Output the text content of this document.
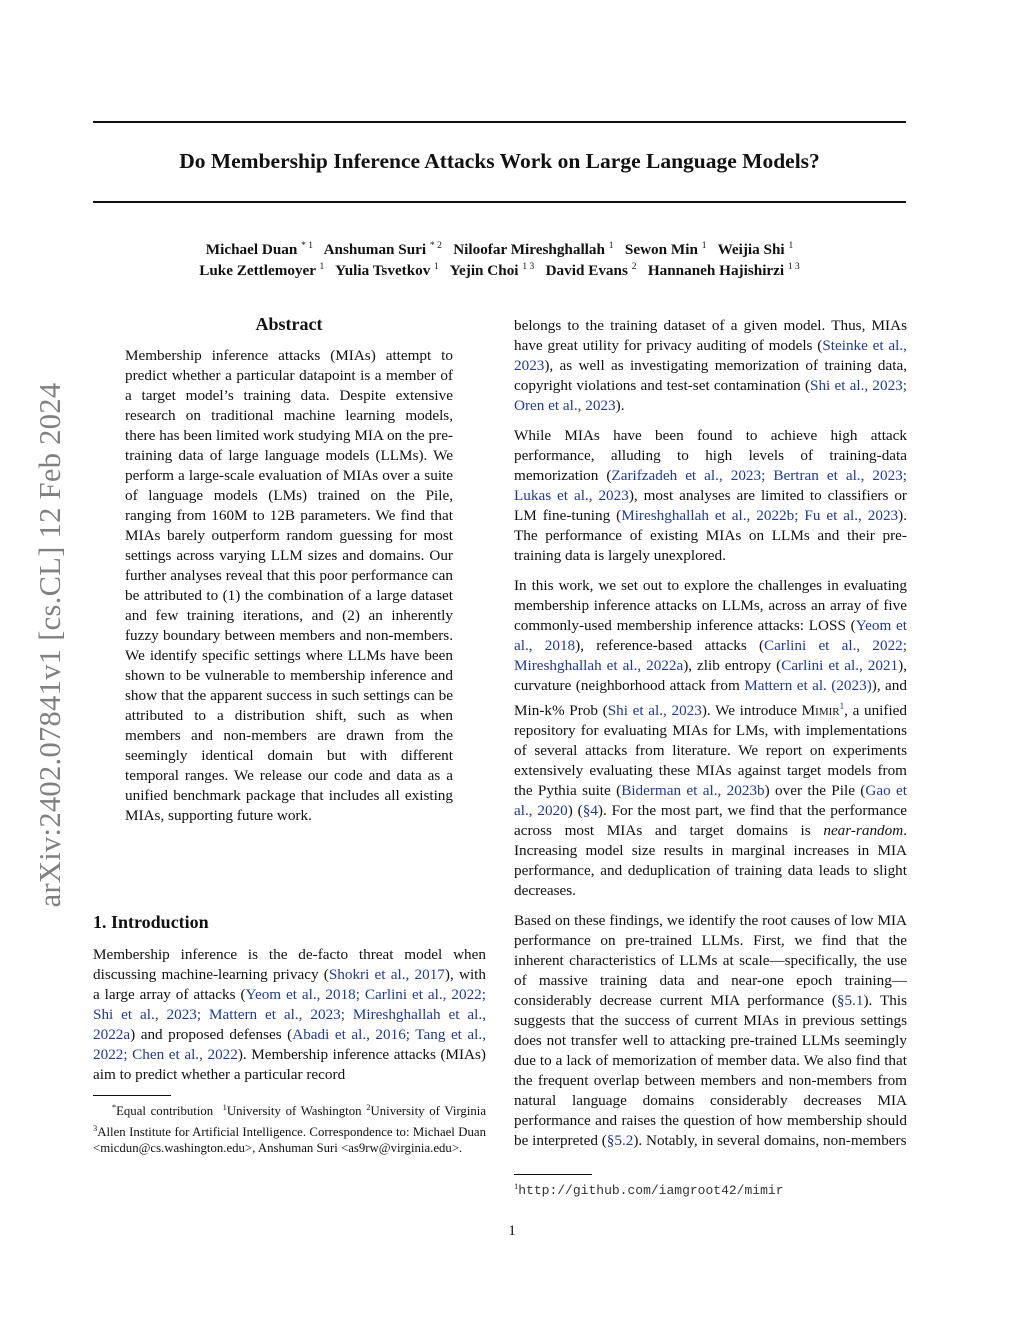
Do Membership Inference Attacks Work on Large Language Models?
Michael Duan $^{* 1}$ Anshuman Suri $^{* 2}$ Niloofar Mireshghallah $^1$ Sewon Min $^1$ Weijia Shi $^1$
Luke Zettlemoyer $^1$ Yulia Tsvetkov $^1$ Yejin Choi $^{1 3}$ David Evans $^2$ Hannaneh Hajishirzi $^{1 3}$
arXiv:2402.07841v1 [cs.CL] 12 Feb 2024
Abstract
Membership inference attacks (MIAs) attempt to predict whether a particular datapoint is a member of a target model’s training data. Despite extensive research on traditional machine learning models, there has been limited work studying MIA on the pre-training data of large language models (LLMs). We perform a large-scale evaluation of MIAs over a suite of language models (LMs) trained on the Pile, ranging from 160M to 12B parameters. We find that MIAs barely outperform random guessing for most settings across varying LLM sizes and domains. Our further analyses reveal that this poor performance can be attributed to (1) the combination of a large dataset and few training iterations, and (2) an inherently fuzzy boundary between members and non-members. We identify specific settings where LLMs have been shown to be vulnerable to membership inference and show that the apparent success in such settings can be attributed to a distribution shift, such as when members and non-members are drawn from the seemingly identical domain but with different temporal ranges. We release our code and data as a unified benchmark package that includes all existing MIAs, supporting future work.
1. Introduction
Membership inference is the de-facto threat model when discussing machine-learning privacy (Shokri et al., 2017), with a large array of attacks (Yeom et al., 2018; Carlini et al., 2022; Shi et al., 2023; Mattern et al., 2023; Mireshghallah et al., 2022a) and proposed defenses (Abadi et al., 2016; Tang et al., 2022; Chen et al., 2022). Membership inference attacks (MIAs) aim to predict whether a particular record
*Equal contribution $^1$University of Washington $^2$University of Virginia $^3$Allen Institute for Artificial Intelligence. Correspondence to: Michael Duan <micdun@cs.washington.edu>, Anshuman Suri <as9rw@virginia.edu>.

belongs to the training dataset of a given model. Thus, MIAs have great utility for privacy auditing of models (Steinke et al., 2023), as well as investigating memorization of training data, copyright violations and test-set contamination (Shi et al., 2023; Oren et al., 2023).

While MIAs have been found to achieve high attack performance, alluding to high levels of training-data memorization (Zarifzadeh et al., 2023; Bertran et al., 2023; Lukas et al., 2023), most analyses are limited to classifiers or LM fine-tuning (Mireshghallah et al., 2022b; Fu et al., 2023). The performance of existing MIAs on LLMs and their pre-training data is largely unexplored.

In this work, we set out to explore the challenges in evaluating membership inference attacks on LLMs, across an array of five commonly-used membership inference attacks: LOSS (Yeom et al., 2018), reference-based attacks (Carlini et al., 2022; Mireshghallah et al., 2022a), zlib entropy (Carlini et al., 2021), curvature (neighborhood attack from Mattern et al. (2023)), and Min-k% Prob (Shi et al., 2023). We introduce Mimir$^1$, a unified repository for evaluating MIAs for LMs, with implementations of several attacks from literature. We report on experiments extensively evaluating these MIAs against target models from the Pythia suite (Biderman et al., 2023b) over the Pile (Gao et al., 2020) (§4). For the most part, we find that the performance across most MIAs and target domains is near-random. Increasing model size results in marginal increases in MIA performance, and deduplication of training data leads to slight decreases.

Based on these findings, we identify the root causes of low MIA performance on pre-trained LLMs. First, we find that the inherent characteristics of LLMs at scale—specifically, the use of massive training data and near-one epoch training—considerably decrease current MIA performance (§5.1). This suggests that the success of current MIAs in previous settings does not transfer well to attacking pre-trained LLMs seemingly due to a lack of memorization of member data. We also find that the frequent overlap between members and non-members from natural language domains considerably decreases MIA performance and raises the question of how membership should be interpreted (§5.2). Notably, in several domains, non-members

$^1$http://github.com/iamgroot42/mimir
1
